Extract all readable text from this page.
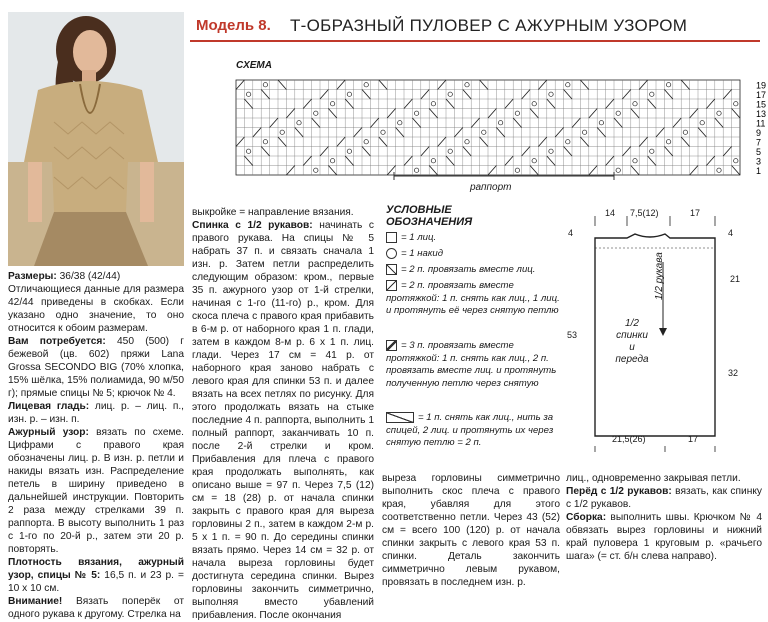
Модель 8. Т-ОБРАЗНЫЙ ПУЛОВЕР С АЖУРНЫМ УЗОРОМ
СХЕМА
19
17
15
13
11
9
7
5
3
1
раппорт

Размеры: 36/38 (42/44)

Отличающиеся данные для размера 42/44 приведены в скобках. Если указано одно значение, то оно относится к обоим размерам.

Вам потребуется: 450 (500) г бежевой (цв. 602) пряжи Lana Grossa SECONDO BIG (70% хлопка, 15% шёлка, 15% полиамида, 90 м/50 г); прямые спицы № 5; крючок № 4.

Лицевая гладь: лиц. р. – лиц. п., изн. р. – изн. п.

Ажурный узор: вязать по схеме. Цифрами с правого края обозначены лиц. р. В изн. р. петли и накиды вязать изн. Распределение петель в ширину приведено в дальнейшей инструкции. Повторить 2 раза между стрелками 39 п. раппорта. В высоту выполнить 1 раз с 1-го по 20-й р., затем эти 20 р. повторять.

Плотность вязания, ажурный узор, спицы № 5: 16,5 п. и 23 р. = 10 х 10 см.

Внимание! Вязать поперёк от одного рукава к другому. Стрелка на

выкройке = направление вязания.

Спинка с 1/2 рукавов: начинать с правого рукава. На спицы № 5 набрать 37 п. и связать сначала 1 изн. р. Затем петли распределить следующим образом: кром., первые 35 п. ажурного узор от 1-й стрелки, начиная с 1-го (11-го) р., кром. Для скоса плеча с правого края прибавить в 6-м р. от наборного края 1 п. глади, затем в каждом 8-м р. 6 х 1 п. лиц. глади. Через 17 см = 41 р. от наборного края заново набрать с левого края для спинки 53 п. и далее вязать на всех петлях по рисунку. Для этого продолжать вязать на стыке последние 4 п. раппорта, выполнить 1 полный раппорт, заканчивать 10 п. после 2-й стрелки и кром. Прибавления для плеча с правого края продолжать выполнять, как описано выше = 97 п. Через 7,5 (12) см = 18 (28) р. от начала спинки закрыть с правого края для выреза горловины 2 п., затем в каждом 2-м р. 5 х 1 п. = 90 п. До середины спинки вязать прямо. Через 14 см = 32 р. от начала выреза горловины будет достигнута середина спинки. Вырез горловины закончить симметрично, выполняя вместо убавлений прибавления. После окончания

УСЛОВНЫЕ
ОБОЗНАЧЕНИЯ
= 1 лиц.
= 1 накид
= 2 п. провязать вместе лиц.
= 2 п. провязать вместе протяжкой: 1 п. снять как лиц., 1 лиц. и протянуть её через снятую петлю
= 3 п. провязать вместе протяжкой: 1 п. снять как лиц., 2 п. провязать вместе лиц. и протянуть полученную петлю через снятую
= 1 п. снять как лиц., нить за спицей, 2 лиц. и протянуть их через снятую петлю = 2 п.
14 7,5(12)	17
4	4
21
53
32
21,5(26)	17
1/2 рукава
1/2
спинки
и переда

выреза горловины симметрично выполнить скос плеча с правого края, убавляя для этого соответственно петли. Через 43 (52) см = всего 100 (120) р. от начала спинки закрыть с левого края 53 п. спинки. Деталь закончить симметрично левым рукавом, провязать в последнем изн. р.

лиц., одновременно закрывая петли.

Перёд с 1/2 рукавов: вязать, как спинку с 1/2 рукавов.

Сборка: выполнить швы. Крючком № 4 обвязать вырез горловины и нижний край пуловера 1 круговым р. «рачьего шага» (= ст. б/н слева направо).
